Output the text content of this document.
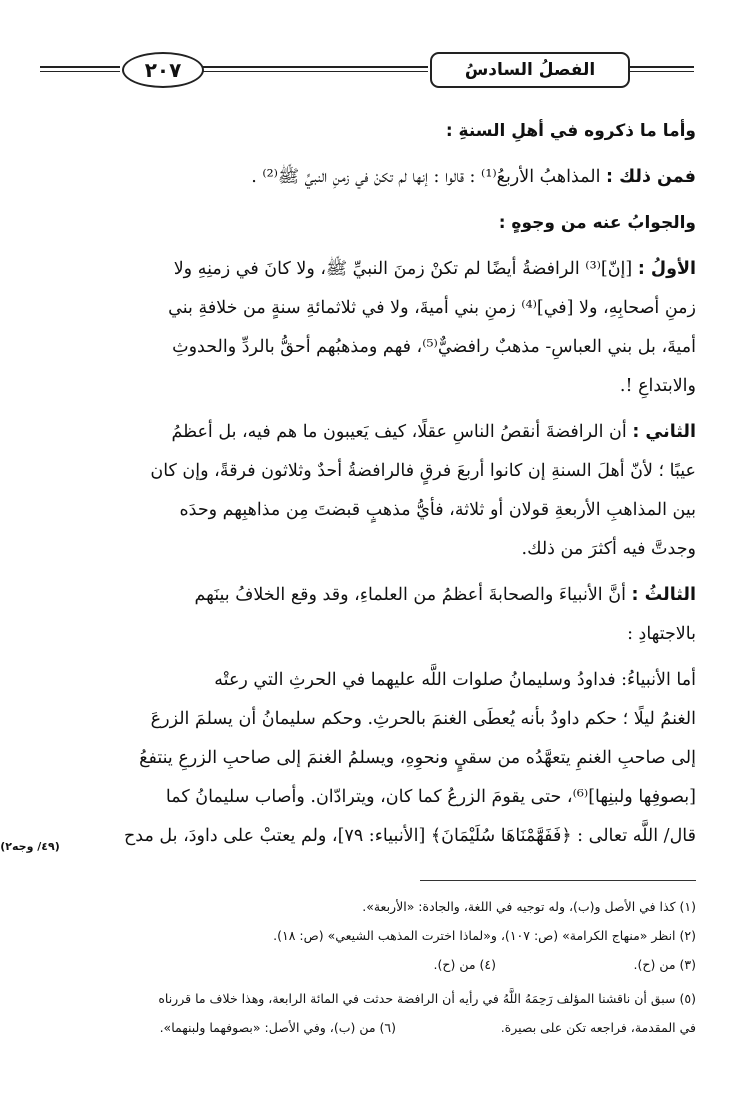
٢٠٧	الفصلُ السادسُ
وأما ما ذكروه في أهلِ السنةِ :
فمن ذلك : المذاهبُ الأربعُ⁽¹⁾ : قالوا : إنها لم تكنْ في زمنِ النبيِّ ﷺ⁽²⁾ .
والجوابُ عنه من وجوهٍ :
الأولُ : [إنّ]⁽³⁾ الرافضةُ أيضًا لم تكنْ زمنَ النبيِّ ﷺ، ولا كانَ في زمنِهِ ولا
زمنِ أصحابِهِ، ولا [في]⁽⁴⁾ زمنِ بني أميةَ، ولا في ثلاثمائةِ سنةٍ من خلافةِ بني
أميةَ، بل بني العباسِ- مذهبٌ رافضيٌّ⁽⁵⁾، فهم ومذهبُهم أحقُّ بالردِّ والحدوثِ
والابتداعِ !.
الثاني : أن الرافضةَ أنقصُ الناسِ عقلًا، كيف يَعيبون ما هم فيه، بل أعظمُ
عيبًا ؛ لأنّ أهلَ السنةِ إن كانوا أربعَ فرقٍ فالرافضةُ أحدٌ وثلاثون فرقةً، وإن كان
بين المذاهبِ الأربعةِ قولان أو ثلاثة، فأيُّ مذهبٍ قبضتَ مِن مذاهبِهم وحدَه
وجدتَّ فيه أكثرَ من ذلك.
الثالثُ : أنَّ الأنبياءَ والصحابةَ أعظمُ من العلماءِ، وقد وقع الخلافُ بينَهم
بالاجتهادِ :
أما الأنبياءُ: فداودُ وسليمانُ صلوات اللَّه عليهما في الحرثِ التي رعتْه
الغنمُ ليلًا ؛ حكم داودُ بأنه يُعطَى الغنمَ بالحرثِ. وحكم سليمانُ أن يسلمَ الزرعَ
إلى صاحبِ الغنمِ يتعهَّدُه من سقيٍ ونحوِهِ، ويسلمُ الغنمَ إلى صاحبِ الزرعِ ينتفعُ
[بصوفِها ولبنِها]⁽⁶⁾، حتى يقومَ الزرعُ كما كان، ويترادّان. وأصاب سليمانُ كما
قال/ اللَّه تعالى : ﴿فَفَهَّمْنَاهَا سُلَيْمَانَ﴾ [الأنبياء: ٧٩]، ولم يعتبْ على داودَ، بل مدح
(٤٩/ وجه٢)
(١) كذا في الأصل و(ب)، وله توجيه في اللغة، والجادة: «الأربعة».
(٢) انظر «منهاج الكرامة» (ص: ١٠٧)، و«لماذا اخترت المذهب الشيعي» (ص: ١٨).
(٣) من (ح).
(٤) من (ح).
(٥) سبق أن ناقشنا المؤلف رَحِمَهُ اللَّهُ في رأيه أن الرافضة حدثت في المائة الرابعة، وهذا خلاف ما قررناه
في المقدمة، فراجعه تكن على بصيرة.
(٦) من (ب)، وفي الأصل: «بصوفهما ولبنهما».
